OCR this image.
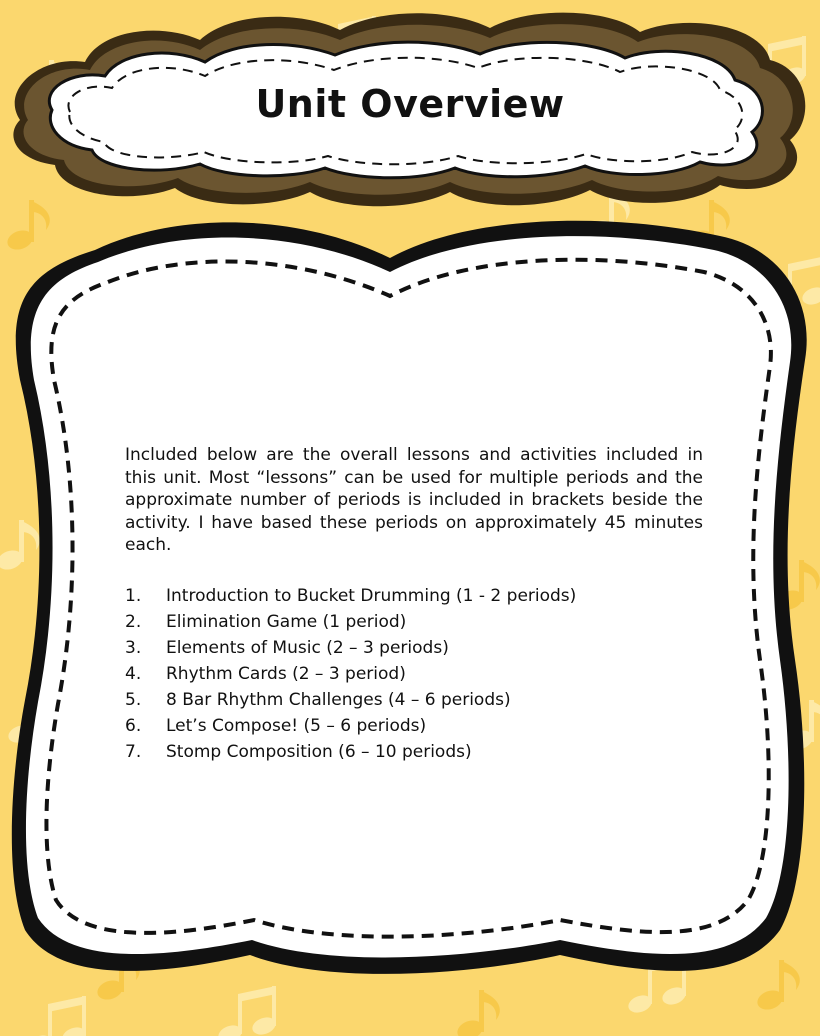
Unit Overview

Included below are the overall lessons and activities included in this unit. Most “lessons” can be used for multiple periods and the approximate number of periods is included in brackets beside the activity. I have based these periods on approximately 45 minutes each.

1. Introduction to Bucket Drumming (1 - 2 periods)
2. Elimination Game (1 period)
3. Elements of Music (2 – 3 periods)
4. Rhythm Cards (2 – 3 period)
5. 8 Bar Rhythm Challenges (4 – 6 periods)
6. Let’s Compose! (5 – 6 periods)
7. Stomp Composition (6 – 10 periods)
